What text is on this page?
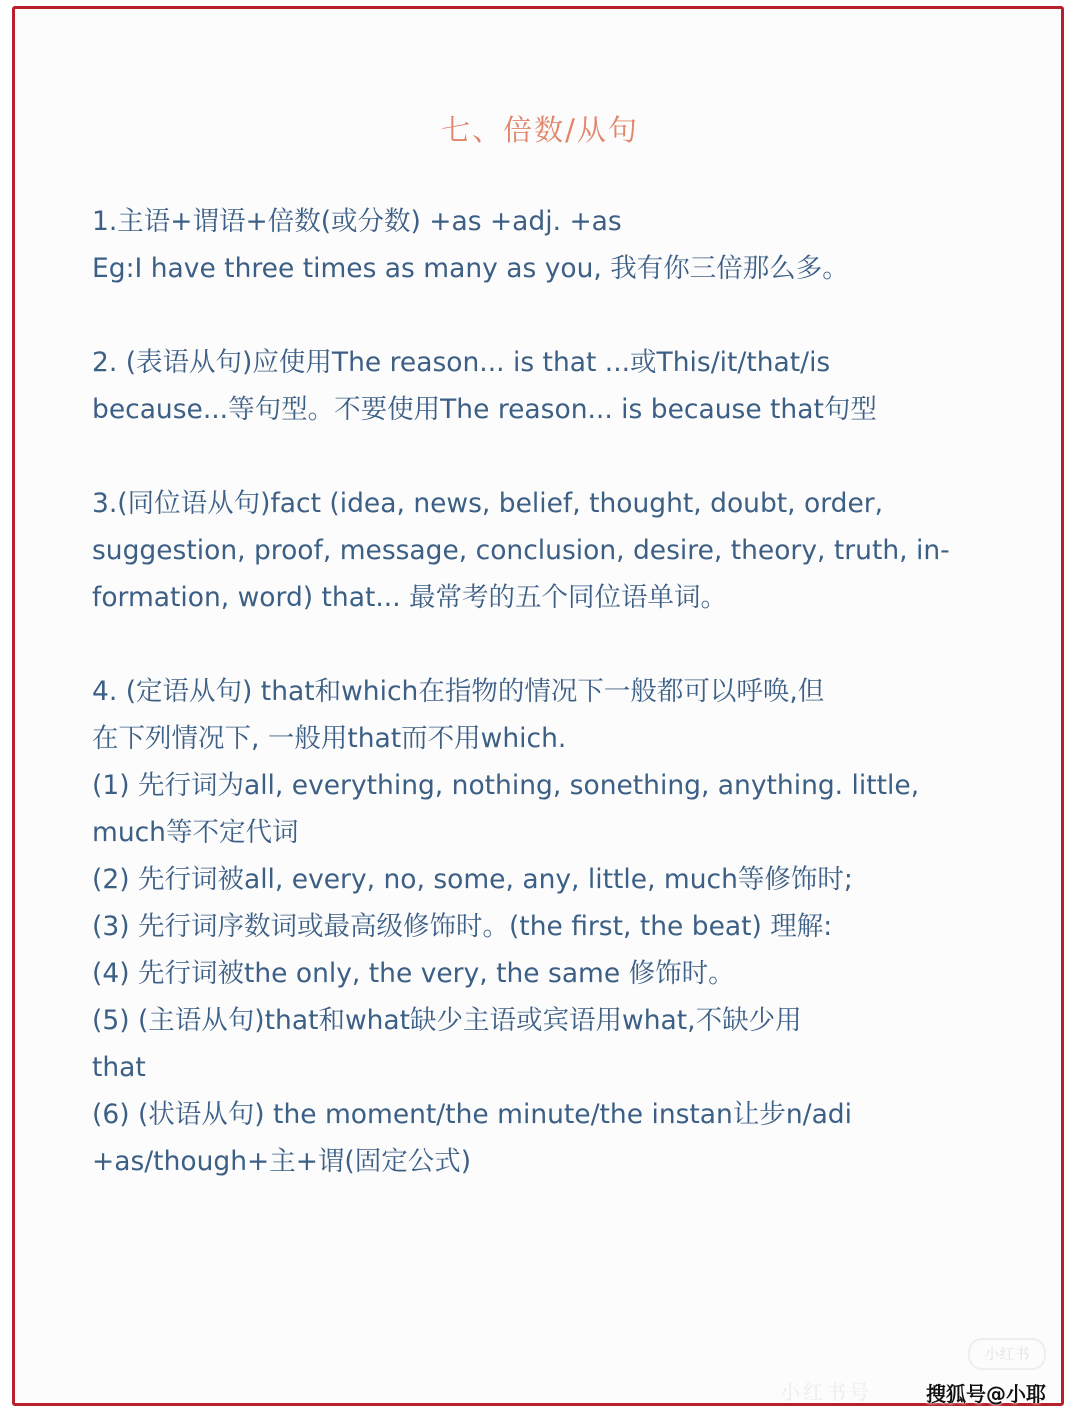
七、倍数/从句
1.主语+谓语+倍数(或分数) +as +adj. +as
Eg:I have three times as many as you, 我有你三倍那么多。
2. (表语从句)应使用The reason... is that ...或This/it/that/is
because...等句型。不要使用The reason... is because that句型
3.(同位语从句)fact (idea, news, belief, thought, doubt, order,
suggestion, proof, message, conclusion, desire, theory, truth, in-
formation, word) that... 最常考的五个同位语单词。
4. (定语从句) that和which在指物的情况下一般都可以呼唤,但
在下列情况下, 一般用that而不用which.
(1) 先行词为all, everything, nothing, sonething, anything. little,
much等不定代词
(2) 先行词被all, every, no, some, any, little, much等修饰时;
(3) 先行词序数词或最高级修饰时。(the first, the beat) 理解:
(4) 先行词被the only, the very, the same 修饰时。
(5) (主语从句)that和what缺少主语或宾语用what,不缺少用
that
(6) (状语从句) the moment/the minute/the instan让步n/adi
+as/though+主+谓(固定公式)
小红书
小红书号	搜狐号@小耶
